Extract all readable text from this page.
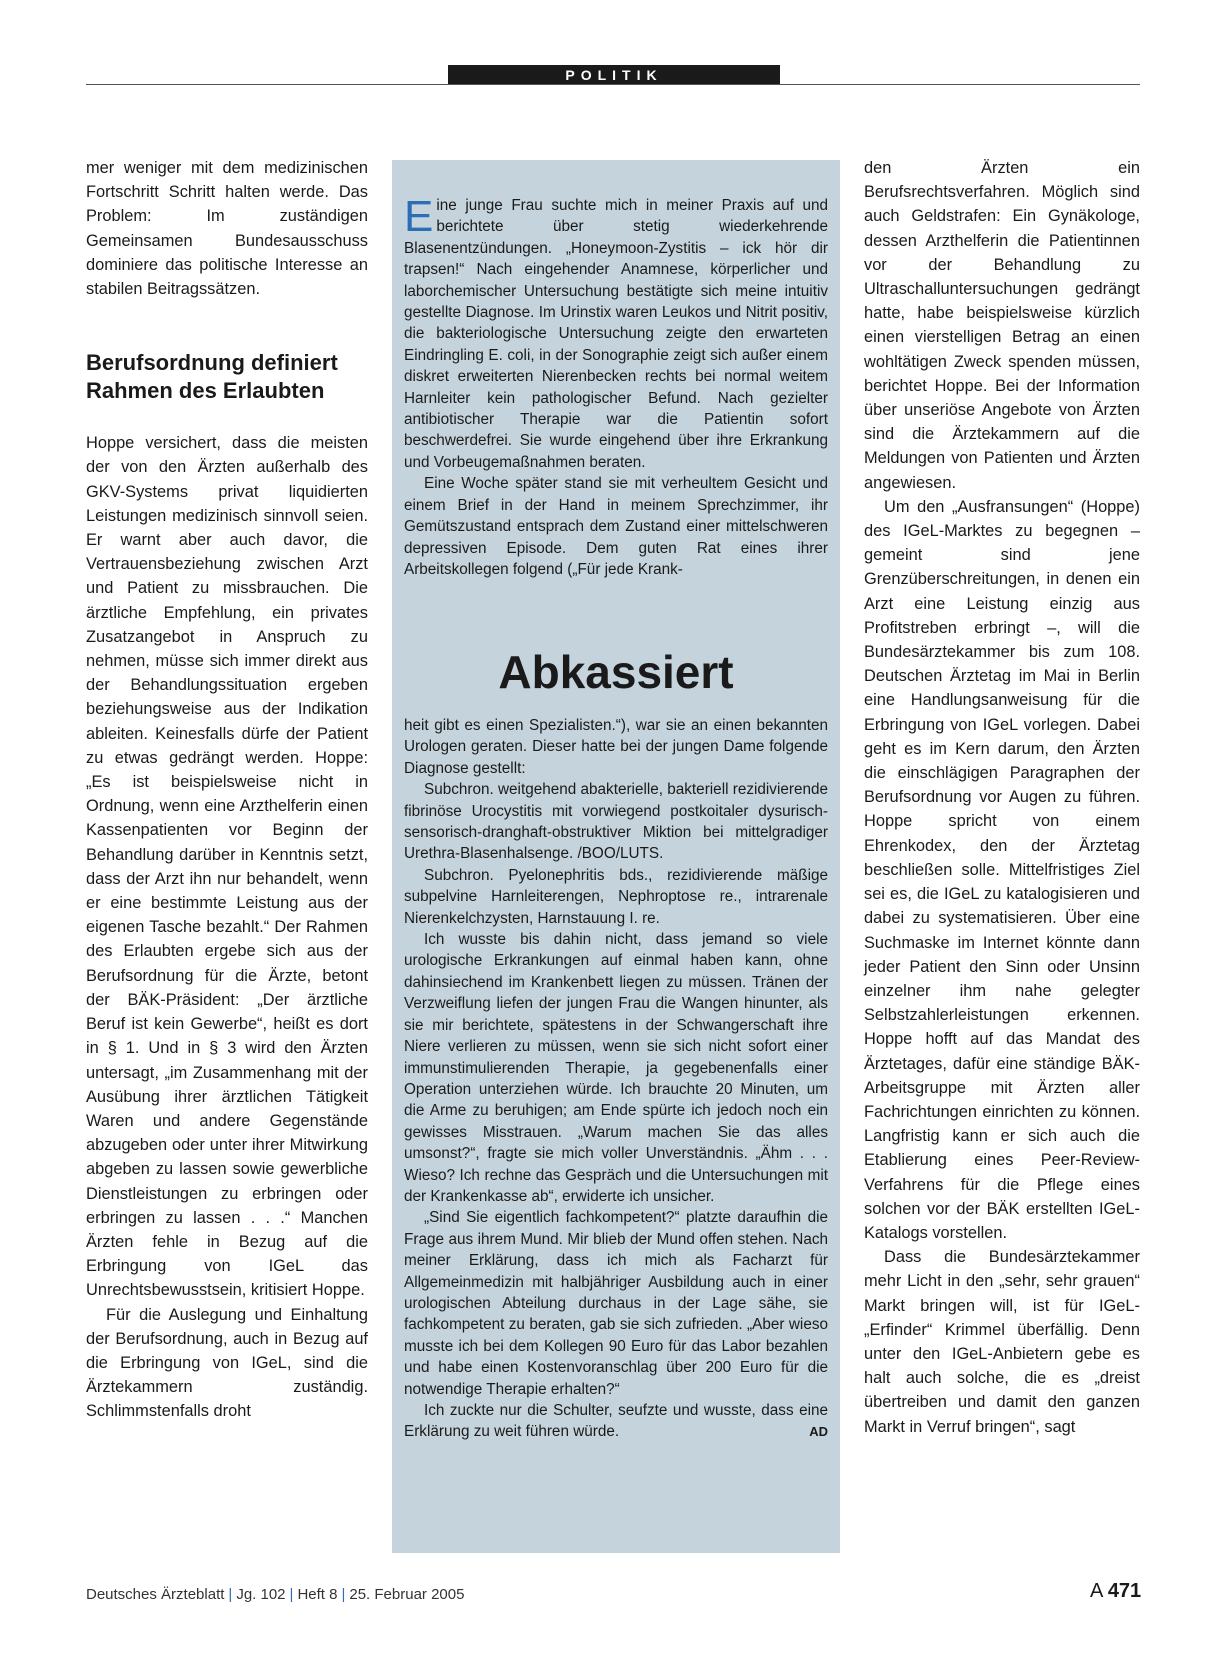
POLITIK

mer weniger mit dem medizinischen Fortschritt Schritt halten werde. Das Problem: Im zuständigen Gemeinsamen Bundesausschuss dominiere das politische Interesse an stabilen Beitragssätzen.

Berufsordnung definiert Rahmen des Erlaubten

Hoppe versichert, dass die meisten der von den Ärzten außerhalb des GKV-Systems privat liquidierten Leistungen medizinisch sinnvoll seien. Er warnt aber auch davor, die Vertrauensbeziehung zwischen Arzt und Patient zu missbrauchen. Die ärztliche Empfehlung, ein privates Zusatzangebot in Anspruch zu nehmen, müsse sich immer direkt aus der Behandlungssituation ergeben beziehungsweise aus der Indikation ableiten. Keinesfalls dürfe der Patient zu etwas gedrängt werden. Hoppe: „Es ist beispielsweise nicht in Ordnung, wenn eine Arzthelferin einen Kassenpatienten vor Beginn der Behandlung darüber in Kenntnis setzt, dass der Arzt ihn nur behandelt, wenn er eine bestimmte Leistung aus der eigenen Tasche bezahlt.“ Der Rahmen des Erlaubten ergebe sich aus der Berufsordnung für die Ärzte, betont der BÄK-Präsident: „Der ärztliche Beruf ist kein Gewerbe“, heißt es dort in § 1. Und in § 3 wird den Ärzten untersagt, „im Zusammenhang mit der Ausübung ihrer ärztlichen Tätigkeit Waren und andere Gegenstände abzugeben oder unter ihrer Mitwirkung abgeben zu lassen sowie gewerbliche Dienstleistungen zu erbringen oder erbringen zu lassen . . .“ Manchen Ärzten fehle in Bezug auf die Erbringung von IGeL das Unrechtsbewusstsein, kritisiert Hoppe.

Für die Auslegung und Einhaltung der Berufsordnung, auch in Bezug auf die Erbringung von IGeL, sind die Ärztekammern zuständig. Schlimmstenfalls droht

Eine junge Frau suchte mich in meiner Praxis auf und berichtete über stetig wiederkehrende Blasenentzündungen. „Honeymoon-Zystitis – ick hör dir trapsen!“ Nach eingehender Anamnese, körperlicher und laborchemischer Untersuchung bestätigte sich meine intuitiv gestellte Diagnose. Im Urinstix waren Leukos und Nitrit positiv, die bakteriologische Untersuchung zeigte den erwarteten Eindringling E. coli, in der Sonographie zeigt sich außer einem diskret erweiterten Nierenbecken rechts bei normal weitem Harnleiter kein pathologischer Befund. Nach gezielter antibiotischer Therapie war die Patientin sofort beschwerdefrei. Sie wurde eingehend über ihre Erkrankung und Vorbeugemaßnahmen beraten.

Eine Woche später stand sie mit verheultem Gesicht und einem Brief in der Hand in meinem Sprechzimmer, ihr Gemütszustand entsprach dem Zustand einer mittelschweren depressiven Episode. Dem guten Rat eines ihrer Arbeitskollegen folgend („Für jede Krank-

Abkassiert

heit gibt es einen Spezialisten.“), war sie an einen bekannten Urologen geraten. Dieser hatte bei der jungen Dame folgende Diagnose gestellt:

Subchron. weitgehend abakterielle, bakteriell rezidivierende fibrinöse Urocystitis mit vorwiegend postkoitaler dysurisch-sensorisch-dranghaft-obstruktiver Miktion bei mittelgradiger Urethra-Blasenhalsenge. /BOO/LUTS.

Subchron. Pyelonephritis bds., rezidivierende mäßige subpelvine Harnleiterengen, Nephroptose re., intrarenale Nierenkelchzysten, Harnstauung I. re.

Ich wusste bis dahin nicht, dass jemand so viele urologische Erkrankungen auf einmal haben kann, ohne dahinsiechend im Krankenbett liegen zu müssen. Tränen der Verzweiflung liefen der jungen Frau die Wangen hinunter, als sie mir berichtete, spätestens in der Schwangerschaft ihre Niere verlieren zu müssen, wenn sie sich nicht sofort einer immunstimulierenden Therapie, ja gegebenenfalls einer Operation unterziehen würde. Ich brauchte 20 Minuten, um die Arme zu beruhigen; am Ende spürte ich jedoch noch ein gewisses Misstrauen. „Warum machen Sie das alles umsonst?“, fragte sie mich voller Unverständnis. „Ähm . . . Wieso? Ich rechne das Gespräch und die Untersuchungen mit der Krankenkasse ab“, erwiderte ich unsicher.

„Sind Sie eigentlich fachkompetent?“ platzte daraufhin die Frage aus ihrem Mund. Mir blieb der Mund offen stehen. Nach meiner Erklärung, dass ich mich als Facharzt für Allgemeinmedizin mit halbjähriger Ausbildung auch in einer urologischen Abteilung durchaus in der Lage sähe, sie fachkompetent zu beraten, gab sie sich zufrieden. „Aber wieso musste ich bei dem Kollegen 90 Euro für das Labor bezahlen und habe einen Kostenvoranschlag über 200 Euro für die notwendige Therapie erhalten?“

Ich zuckte nur die Schulter, seufzte und wusste, dass eine Erklärung zu weit führen würde.	AD

den Ärzten ein Berufsrechtsverfahren. Möglich sind auch Geldstrafen: Ein Gynäkologe, dessen Arzthelferin die Patientinnen vor der Behandlung zu Ultraschalluntersuchungen gedrängt hatte, habe beispielsweise kürzlich einen vierstelligen Betrag an einen wohltätigen Zweck spenden müssen, berichtet Hoppe. Bei der Information über unseriöse Angebote von Ärzten sind die Ärztekammern auf die Meldungen von Patienten und Ärzten angewiesen.

Um den „Ausfransungen“ (Hoppe) des IGeL-Marktes zu begegnen – gemeint sind jene Grenzüberschreitungen, in denen ein Arzt eine Leistung einzig aus Profitstreben erbringt –, will die Bundesärztekammer bis zum 108. Deutschen Ärztetag im Mai in Berlin eine Handlungsanweisung für die Erbringung von IGeL vorlegen. Dabei geht es im Kern darum, den Ärzten die einschlägigen Paragraphen der Berufsordnung vor Augen zu führen. Hoppe spricht von einem Ehrenkodex, den der Ärztetag beschließen solle. Mittelfristiges Ziel sei es, die IGeL zu katalogisieren und dabei zu systematisieren. Über eine Suchmaske im Internet könnte dann jeder Patient den Sinn oder Unsinn einzelner ihm nahe gelegter Selbstzahlerleistungen erkennen. Hoppe hofft auf das Mandat des Ärztetages, dafür eine ständige BÄK-Arbeitsgruppe mit Ärzten aller Fachrichtungen einrichten zu können. Langfristig kann er sich auch die Etablierung eines Peer-Review-Verfahrens für die Pflege eines solchen vor der BÄK erstellten IGeL-Katalogs vorstellen.

Dass die Bundesärztekammer mehr Licht in den „sehr, sehr grauen“ Markt bringen will, ist für IGeL-„Erfinder“ Krimmel überfällig. Denn unter den IGeL-Anbietern gebe es halt auch solche, die es „dreist übertreiben und damit den ganzen Markt in Verruf bringen“, sagt

Deutsches Ärzteblatt | Jg. 102 | Heft 8 | 25. Februar 2005	A 471
